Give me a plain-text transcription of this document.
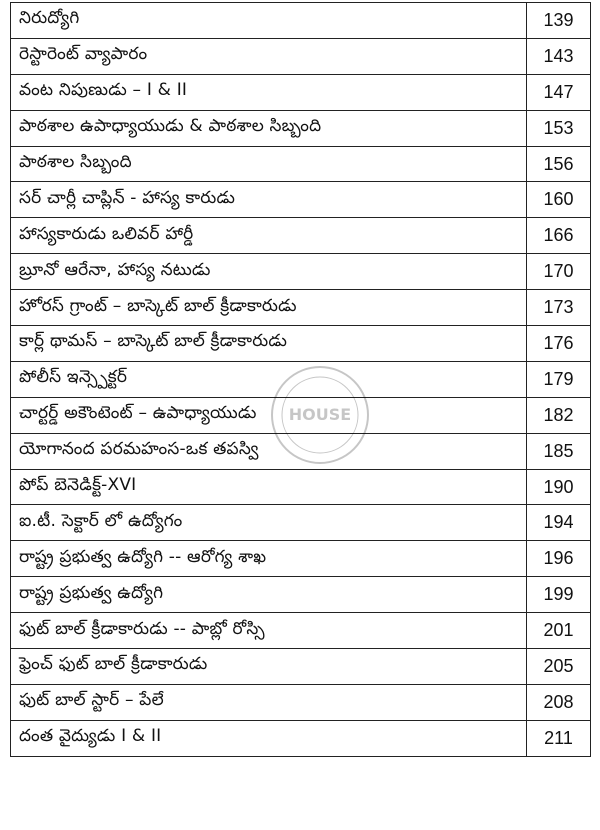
నిరుద్యోగి	139
రెస్టారెంట్ వ్యాపారం	143
వంట నిపుణుడు – I & II	147
పాఠశాల ఉపాధ్యాయుడు & పాఠశాల సిబ్బంది	153
పాఠశాల సిబ్బంది	156
సర్ చార్లీ చాప్లిన్ - హాస్య కారుడు	160
హాస్యకారుడు ఒలివర్ హార్డీ	166
బ్రూనో ఆరేనా, హాస్య నటుడు	170
హోరస్ గ్రాంట్ – బాస్కెట్ బాల్ క్రీడాకారుడు	173
కార్ల్ థామస్ – బాస్కెట్ బాల్ క్రీడాకారుడు	176
పోలీస్ ఇన్స్పెక్టర్	179
చార్టర్డ్ అకౌంటెంట్ – ఉపాధ్యాయుడు	182
యోగానంద పరమహంస-ఒక తపస్వి	185
పోప్ బెనెడిక్ట్-XVI	190
ఐ.టీ. సెక్టార్ లో ఉద్యోగం	194
రాష్ట్ర ప్రభుత్వ ఉద్యోగి -- ఆరోగ్య శాఖ	196
రాష్ట్ర ప్రభుత్వ ఉద్యోగి	199
ఫుట్ బాల్ క్రీడాకారుడు -- పాబ్లో రోస్సి	201
ఫ్రెంచ్ ఫుట్ బాల్ క్రీడాకారుడు	205
ఫుట్ బాల్ స్టార్ – పేలే	208
దంత వైద్యుడు I & II	211
HOUSE
